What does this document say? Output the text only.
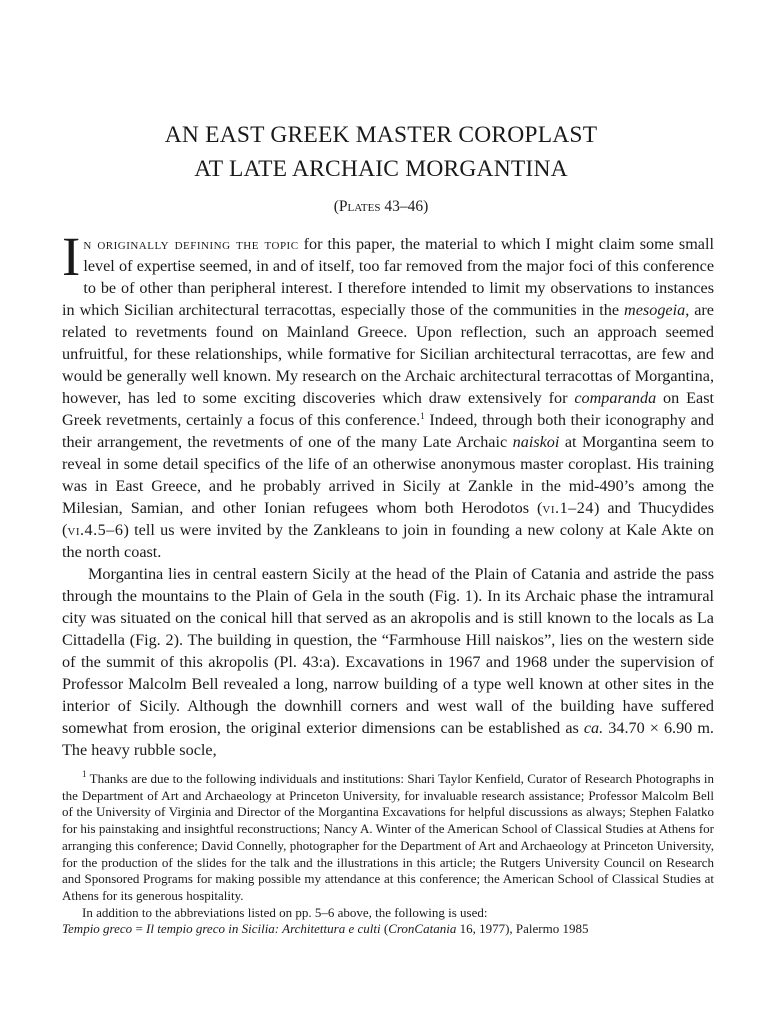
AN EAST GREEK MASTER COROPLAST
AT LATE ARCHAIC MORGANTINA
(Plates 43–46)

In originally defining the topic for this paper, the material to which I might claim some small level of expertise seemed, in and of itself, too far removed from the major foci of this conference to be of other than peripheral interest. I therefore intended to limit my observations to instances in which Sicilian architectural terracottas, especially those of the communities in the mesogeia, are related to revetments found on Mainland Greece. Upon reflection, such an approach seemed unfruitful, for these relationships, while formative for Sicilian architectural terracottas, are few and would be generally well known. My research on the Archaic architectural terracottas of Morgantina, however, has led to some exciting discoveries which draw extensively for comparanda on East Greek revetments, certainly a focus of this conference.$^1$ Indeed, through both their iconography and their arrangement, the revetments of one of the many Late Archaic naiskoi at Morgantina seem to reveal in some detail specifics of the life of an otherwise anonymous master coroplast. His training was in East Greece, and he probably arrived in Sicily at Zankle in the mid-490’s among the Milesian, Samian, and other Ionian refugees whom both Herodotos (vi.1–24) and Thucydides (vi.4.5–6) tell us were invited by the Zankleans to join in founding a new colony at Kale Akte on the north coast.

Morgantina lies in central eastern Sicily at the head of the Plain of Catania and astride the pass through the mountains to the Plain of Gela in the south (Fig. 1). In its Archaic phase the intramural city was situated on the conical hill that served as an akropolis and is still known to the locals as La Cittadella (Fig. 2). The building in question, the “Farmhouse Hill naiskos”, lies on the western side of the summit of this akropolis (Pl. 43:a). Excavations in 1967 and 1968 under the supervision of Professor Malcolm Bell revealed a long, narrow building of a type well known at other sites in the interior of Sicily. Although the downhill corners and west wall of the building have suffered somewhat from erosion, the original exterior dimensions can be established as ca. 34.70 × 6.90 m. The heavy rubble socle,

$^1$ Thanks are due to the following individuals and institutions: Shari Taylor Kenfield, Curator of Research Photographs in the Department of Art and Archaeology at Princeton University, for invaluable research assistance; Professor Malcolm Bell of the University of Virginia and Director of the Morgantina Excavations for helpful discussions as always; Stephen Falatko for his painstaking and insightful reconstructions; Nancy A. Winter of the American School of Classical Studies at Athens for arranging this conference; David Connelly, photographer for the Department of Art and Archaeology at Princeton University, for the production of the slides for the talk and the illustrations in this article; the Rutgers University Council on Research and Sponsored Programs for making possible my attendance at this conference; the American School of Classical Studies at Athens for its generous hospitality.

In addition to the abbreviations listed on pp. 5–6 above, the following is used:

Tempio greco = Il tempio greco in Sicilia: Architettura e culti (CronCatania 16, 1977), Palermo 1985
